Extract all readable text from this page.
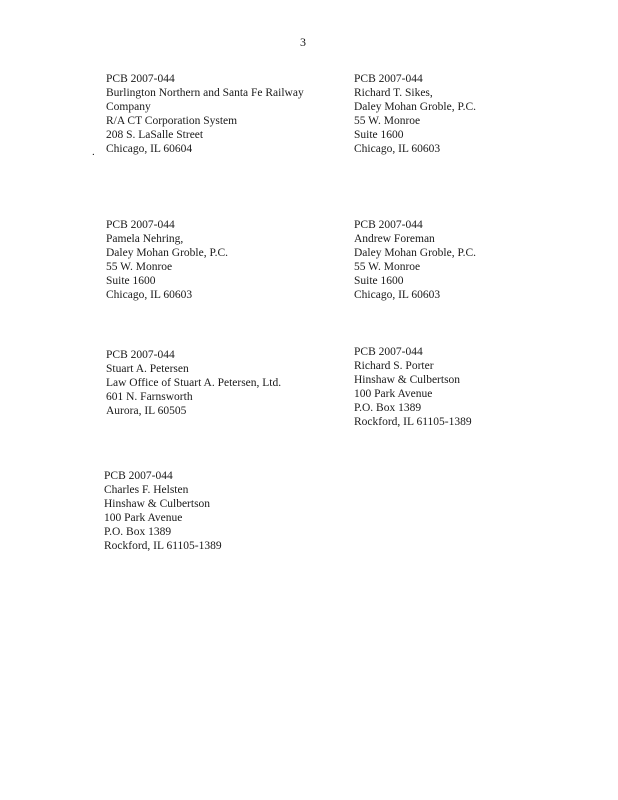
3
.
PCB 2007-044
Burlington Northern and Santa Fe Railway
Company
R/A CT Corporation System
208 S. LaSalle Street
Chicago, IL 60604
PCB 2007-044
Richard T. Sikes,
Daley Mohan Groble, P.C.
55 W. Monroe
Suite 1600
Chicago, IL 60603
PCB 2007-044
Pamela Nehring,
Daley Mohan Groble, P.C.
55 W. Monroe
Suite 1600
Chicago, IL 60603
PCB 2007-044
Andrew Foreman
Daley Mohan Groble, P.C.
55 W. Monroe
Suite 1600
Chicago, IL 60603
PCB 2007-044
Stuart A. Petersen
Law Office of Stuart A. Petersen, Ltd.
601 N. Farnsworth
Aurora, IL 60505
PCB 2007-044
Richard S. Porter
Hinshaw & Culbertson
100 Park Avenue
P.O. Box 1389
Rockford, IL 61105-1389
PCB 2007-044
Charles F. Helsten
Hinshaw & Culbertson
100 Park Avenue
P.O. Box 1389
Rockford, IL 61105-1389
